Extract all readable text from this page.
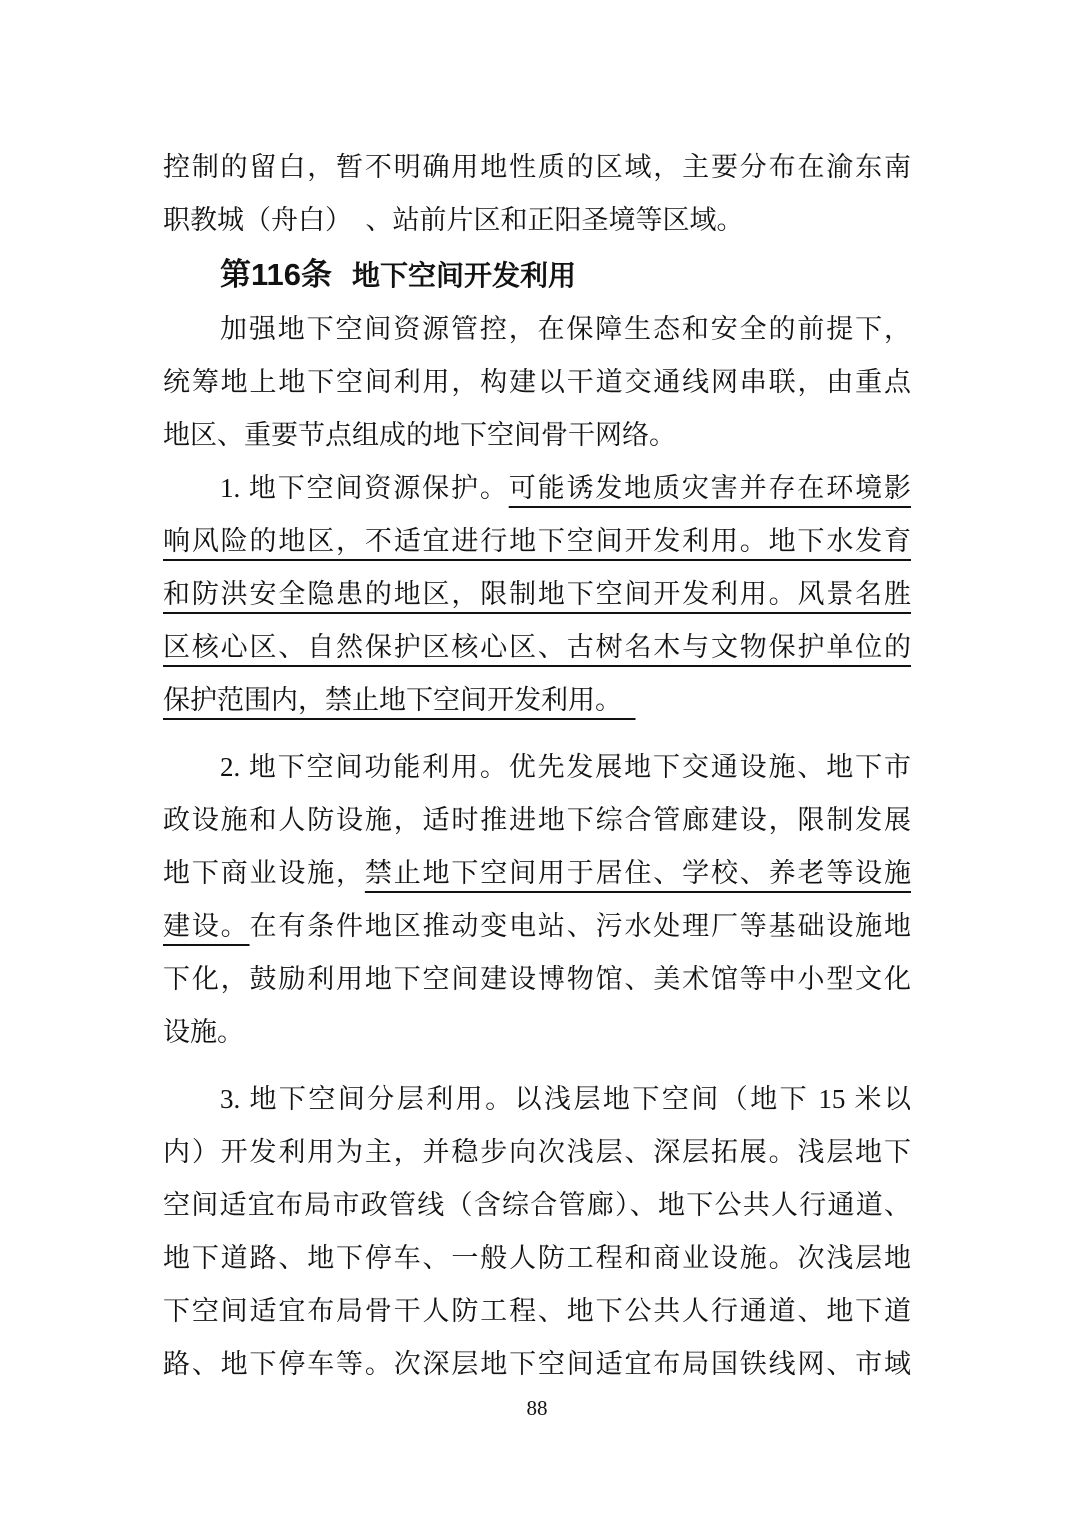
控制的留白，暂不明确用地性质的区域，主要分布在渝东南
职教城（舟白）　、站前片区和正阳圣境等区域。
第116条 地下空间开发利用
加强地下空间资源管控，在保障生态和安全的前提下，
统筹地上地下空间利用，构建以干道交通线网串联，由重点
地区、重要节点组成的地下空间骨干网络。
1. 地下空间资源保护。可能诱发地质灾害并存在环境影
响风险的地区，不适宜进行地下空间开发利用。地下水发育
和防洪安全隐患的地区，限制地下空间开发利用。风景名胜
区核心区、自然保护区核心区、古树名木与文物保护单位的
保护范围内，禁止地下空间开发利用。　
2. 地下空间功能利用。优先发展地下交通设施、地下市
政设施和人防设施，适时推进地下综合管廊建设，限制发展
地下商业设施，禁止地下空间用于居住、学校、养老等设施
建设。在有条件地区推动变电站、污水处理厂等基础设施地
下化，鼓励利用地下空间建设博物馆、美术馆等中小型文化
设施。
3. 地下空间分层利用。以浅层地下空间（地下 15 米以
内）开发利用为主，并稳步向次浅层、深层拓展。浅层地下
空间适宜布局市政管线（含综合管廊）、地下公共人行通道、
地下道路、地下停车、一般人防工程和商业设施。次浅层地
下空间适宜布局骨干人防工程、地下公共人行通道、地下道
路、地下停车等。次深层地下空间适宜布局国铁线网、市域
88
